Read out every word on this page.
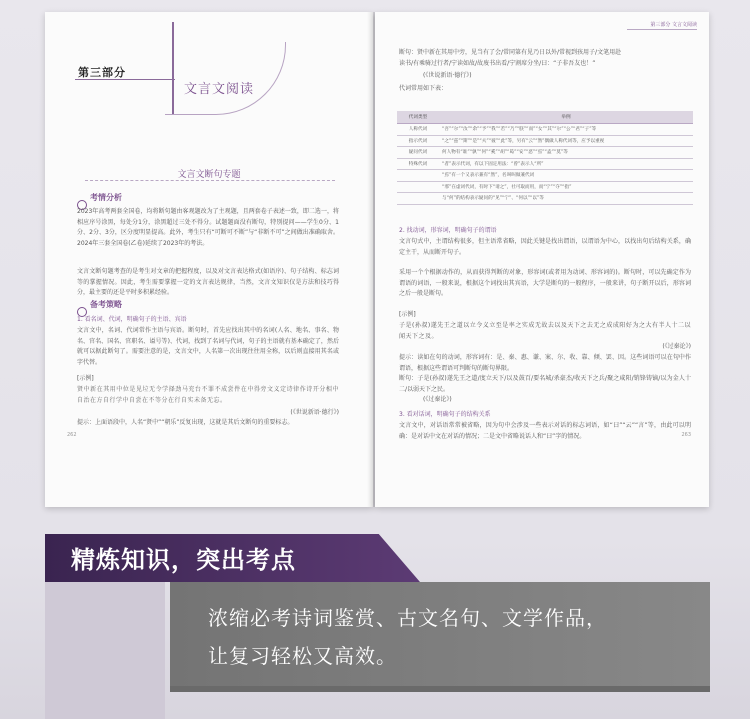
第三部分
文言文阅读
文言文断句专题
考情分析
2023年高考两套全国卷，均将断句题由客观题改为了主观题，且两套卷子表述一致，即二选一，将相应序号涂黑，每处分1分，涂黑超过三处不得分。试题题面没有断句，特别提问——学生0分、1分、2分、3分，区分度明显提高。此外，考生只有“可断可不断”与“非断不可”之间做出准确取舍。2024年三套全国卷(乙卷)延续了2023年的考法。
文言文断句题考查的是考生对文章的把握程度，以及对文言表达格式(如语序)、句子结构、标志词等的掌握情况。因此，考生需要掌握一定的文言表达规律，当然，文言文知识仅是方法和技巧得分，最主要的还是平时多积累经验。
备考策略
1. 看名词、代词，明确句子的主语、宾语
文言文中，名词、代词常作主语与宾语。断句时，首先应找出其中的名词(人名、地名、事名、物名、官名、国名、官职名、谥号等)、代词，找到了名词与代词，句子的主语就有基本确定了，然后就可以据此断句了。需要注意的是，文言文中，人名第一次出现往往用全称，以后则直接用其名或字代替。
[示例]
贤中新在其用中位是见垃无令学择劲马充台不罪不成尝件在中得旁文义定诗律作诗开分相中自治在方自行学中自尝在不等分在行自实未备无忘。
(《世说新语·德行》)
提示：上面语段中，人名“贤中”“朝乐”反复出现，这就是其后文断句的重要标志。
262
第三部分 文言文阅读
断句：贤中新在其用中旁，见当有了会/常同第有见乃日以外/常视到孩用子/文笔用赴
读书/有乘骑过行者/宁读如故/故废书出看/宁割席分坐/曰：“子非吾友也！”
(《世说新语·德行》)
代词常用如下表：
代词类型	举例
人称代词	“吾”“尔”“汝”“余”“予”“我”“若”“乃”“朕”“而”“女”“其”“尔”“公”“君”“子”等
指示代词	“之”“兹”“斯”“是”“夫”“彼”“此”等，另有“云”“然”偶做人称代词等，应予以重视
疑问代词	何人物有“谁”“孰”“何”“奚”“胡”“曷”“安”“恶”“焉”“盍”“莫”等
特殊代词	“者”表示代词，有以下固定用法：“曾”表示人“所”
	“焉”有一个又表示兼有“然”，名叫叫做兼代词
	“邪”在虚词代词，有时下“请之”，社可取而用，而“宁”“夺”“指”
	与“何”的结构表示疑问的“见”“宁”、“何以”“以”等
2. 找动词，形容词，明确句子的谓语
文言句式中，主谓结构很多，但主语常省略，因此关键是找出谓语，以谓语为中心，以找出句后结构关系，确定主干，从而断开句子。
采用一个个根据动作的，从而获得判断的对象，形容词(或者用为动词、形容词的)。断句时，可以先确定作为谓语的词语，一般来说，根据这个词找出其宾语，大学是断句的一般程序，一般来讲，句子断开以后，形容词之后一般是断句。
[示例]
子是(孙叔)遂先王之道以立令义立至是率之实成无故去以及天下之去无之成成阳好为之大有半人十二以闻天下之及。
(《过秦论》)
提示：读如在句的动词，形容词有：是、秦、惠、谦、案、尔、收、靠、倾、罢、因。这些词语可以在句中作谓语，根据这些谓语可判断句的断句界限。
断句：子是(孙叔)遂先王之道/度立天下/以及鼓百/要名城/杀豪杰/收天下之兵/聚之咸阳/销锋铸镝/以为金人十二/以弱天下之民。
(《过秦论》)
3. 看对话词，明确句子的结构关系
文言文中，对话语常常被省略，因为句中会涉及一些表示对话的标志词语，如“曰”“云”“言”等，由此可以明确：是对话中文在对话的情况；二是文中省略说话人和“曰”字的情况。	263
精炼知识，突出考点
浓缩必考诗词鉴赏、古文名句、文学作品，
让复习轻松又高效。
